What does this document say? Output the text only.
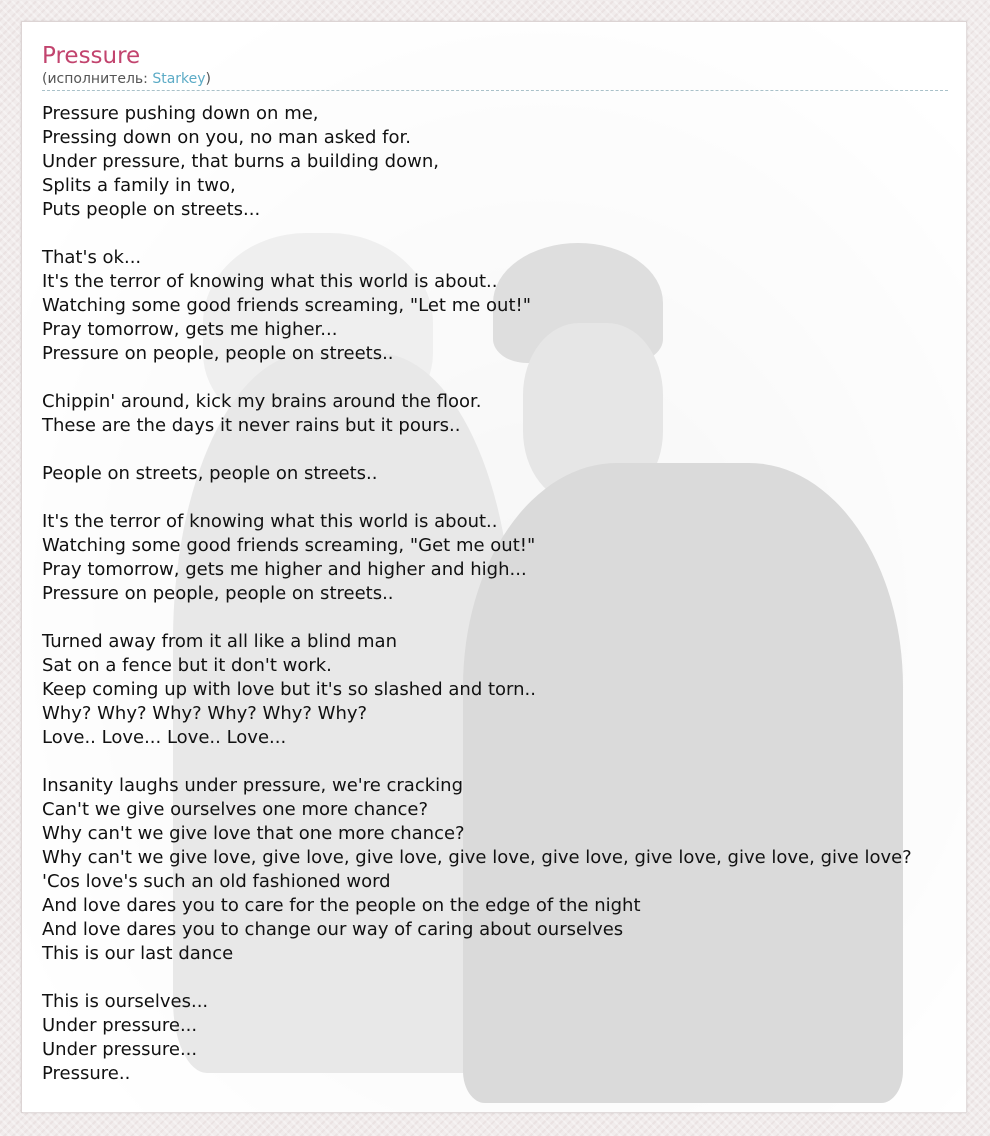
Pressure
(исполнитель: Starkey)
Pressure pushing down on me,
Pressing down on you, no man asked for.
Under pressure, that burns a building down,
Splits a family in two,
Puts people on streets...
That's ok...
It's the terror of knowing what this world is about..
Watching some good friends screaming, "Let me out!"
Pray tomorrow, gets me higher...
Pressure on people, people on streets..
Chippin' around, kick my brains around the floor.
These are the days it never rains but it pours..
People on streets, people on streets..
It's the terror of knowing what this world is about..
Watching some good friends screaming, "Get me out!"
Pray tomorrow, gets me higher and higher and high...
Pressure on people, people on streets..
Turned away from it all like a blind man
Sat on a fence but it don't work.
Keep coming up with love but it's so slashed and torn..
Why? Why? Why? Why? Why? Why?
Love.. Love... Love.. Love...
Insanity laughs under pressure, we're cracking
Can't we give ourselves one more chance?
Why can't we give love that one more chance?
Why can't we give love, give love, give love, give love, give love, give love, give love, give love?
'Cos love's such an old fashioned word
And love dares you to care for the people on the edge of the night
And love dares you to change our way of caring about ourselves
This is our last dance
This is ourselves...
Under pressure...
Under pressure...
Pressure..
